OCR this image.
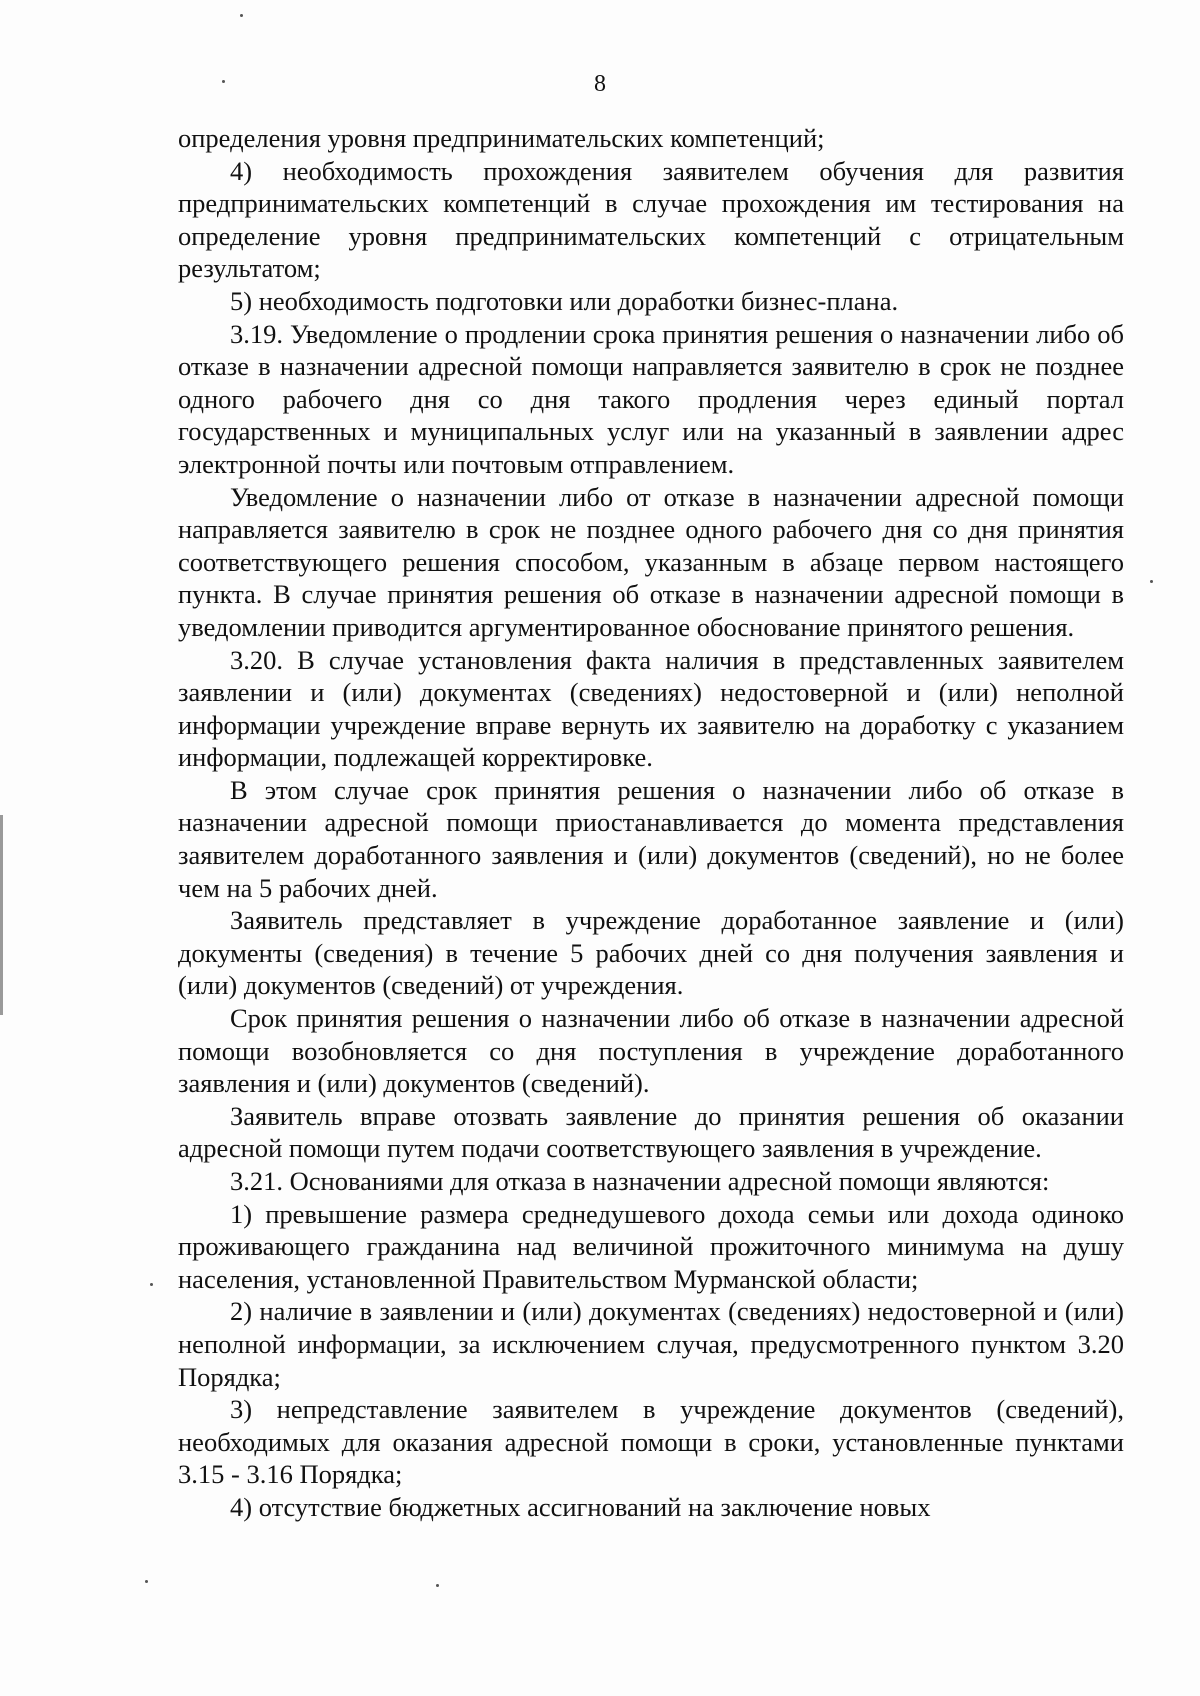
8

определения уровня предпринимательских компетенций;

4) необходимость прохождения заявителем обучения для развития предпринимательских компетенций в случае прохождения им тестирования на определение уровня предпринимательских компетенций с отрицательным результатом;

5) необходимость подготовки или доработки бизнес-плана.

3.19. Уведомление о продлении срока принятия решения о назначении либо об отказе в назначении адресной помощи направляется заявителю в срок не позднее одного рабочего дня со дня такого продления через единый портал государственных и муниципальных услуг или на указанный в заявлении адрес электронной почты или почтовым отправлением.

Уведомление о назначении либо от отказе в назначении адресной помощи направляется заявителю в срок не позднее одного рабочего дня со дня принятия соответствующего решения способом, указанным в абзаце первом настоящего пункта. В случае принятия решения об отказе в назначении адресной помощи в уведомлении приводится аргументированное обоснование принятого решения.

3.20. В случае установления факта наличия в представленных заявителем заявлении и (или) документах (сведениях) недостоверной и (или) неполной информации учреждение вправе вернуть их заявителю на доработку с указанием информации, подлежащей корректировке.

В этом случае срок принятия решения о назначении либо об отказе в назначении адресной помощи приостанавливается до момента представления заявителем доработанного заявления и (или) документов (сведений), но не более чем на 5 рабочих дней.

Заявитель представляет в учреждение доработанное заявление и (или) документы (сведения) в течение 5 рабочих дней со дня получения заявления и (или) документов (сведений) от учреждения.

Срок принятия решения о назначении либо об отказе в назначении адресной помощи возобновляется со дня поступления в учреждение доработанного заявления и (или) документов (сведений).

Заявитель вправе отозвать заявление до принятия решения об оказании адресной помощи путем подачи соответствующего заявления в учреждение.

3.21. Основаниями для отказа в назначении адресной помощи являются:

1) превышение размера среднедушевого дохода семьи или дохода одиноко проживающего гражданина над величиной прожиточного минимума на душу населения, установленной Правительством Мурманской области;

2) наличие в заявлении и (или) документах (сведениях) недостоверной и (или) неполной информации, за исключением случая, предусмотренного пунктом 3.20 Порядка;

3) непредставление заявителем в учреждение документов (сведений), необходимых для оказания адресной помощи в сроки, установленные пунктами 3.15 - 3.16 Порядка;

4) отсутствие бюджетных ассигнований на заключение новых
